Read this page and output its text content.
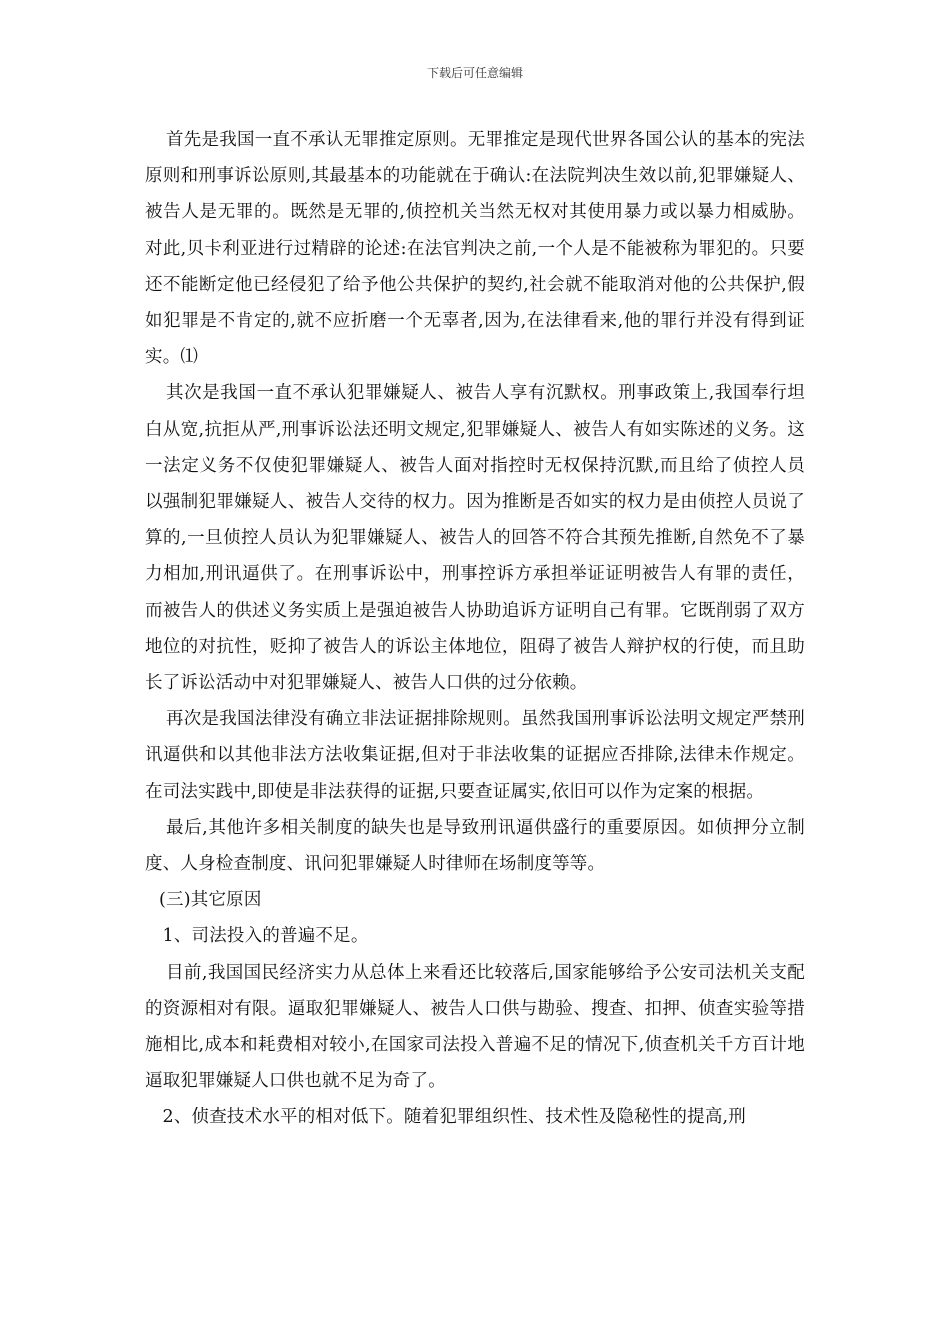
下载后可任意编辑

首先是我国一直不承认无罪推定原则。无罪推定是现代世界各国公认的基本的宪法原则和刑事诉讼原则,其最基本的功能就在于确认:在法院判决生效以前,犯罪嫌疑人、被告人是无罪的。既然是无罪的,侦控机关当然无权对其使用暴力或以暴力相威胁。对此,贝卡利亚进行过精辟的论述:在法官判决之前,一个人是不能被称为罪犯的。只要还不能断定他已经侵犯了给予他公共保护的契约,社会就不能取消对他的公共保护,假如犯罪是不肯定的,就不应折磨一个无辜者,因为,在法律看来,他的罪行并没有得到证实。⑴

其次是我国一直不承认犯罪嫌疑人、被告人享有沉默权。刑事政策上,我国奉行坦白从宽,抗拒从严,刑事诉讼法还明文规定,犯罪嫌疑人、被告人有如实陈述的义务。这一法定义务不仅使犯罪嫌疑人、被告人面对指控时无权保持沉默,而且给了侦控人员以强制犯罪嫌疑人、被告人交待的权力。因为推断是否如实的权力是由侦控人员说了算的,一旦侦控人员认为犯罪嫌疑人、被告人的回答不符合其预先推断,自然免不了暴力相加,刑讯逼供了。在刑事诉讼中，刑事控诉方承担举证证明被告人有罪的责任，而被告人的供述义务实质上是强迫被告人协助追诉方证明自己有罪。它既削弱了双方地位的对抗性，贬抑了被告人的诉讼主体地位，阻碍了被告人辩护权的行使，而且助长了诉讼活动中对犯罪嫌疑人、被告人口供的过分依赖。

再次是我国法律没有确立非法证据排除规则。虽然我国刑事诉讼法明文规定严禁刑讯逼供和以其他非法方法收集证据,但对于非法收集的证据应否排除,法律未作规定。在司法实践中,即使是非法获得的证据,只要查证属实,依旧可以作为定案的根据。

最后,其他许多相关制度的缺失也是导致刑讯逼供盛行的重要原因。如侦押分立制度、人身检查制度、讯问犯罪嫌疑人时律师在场制度等等。

(三)其它原因

1、司法投入的普遍不足。

目前,我国国民经济实力从总体上来看还比较落后,国家能够给予公安司法机关支配的资源相对有限。逼取犯罪嫌疑人、被告人口供与勘验、搜查、扣押、侦查实验等措施相比,成本和耗费相对较小,在国家司法投入普遍不足的情况下,侦查机关千方百计地逼取犯罪嫌疑人口供也就不足为奇了。

2、侦查技术水平的相对低下。随着犯罪组织性、技术性及隐秘性的提高,刑
